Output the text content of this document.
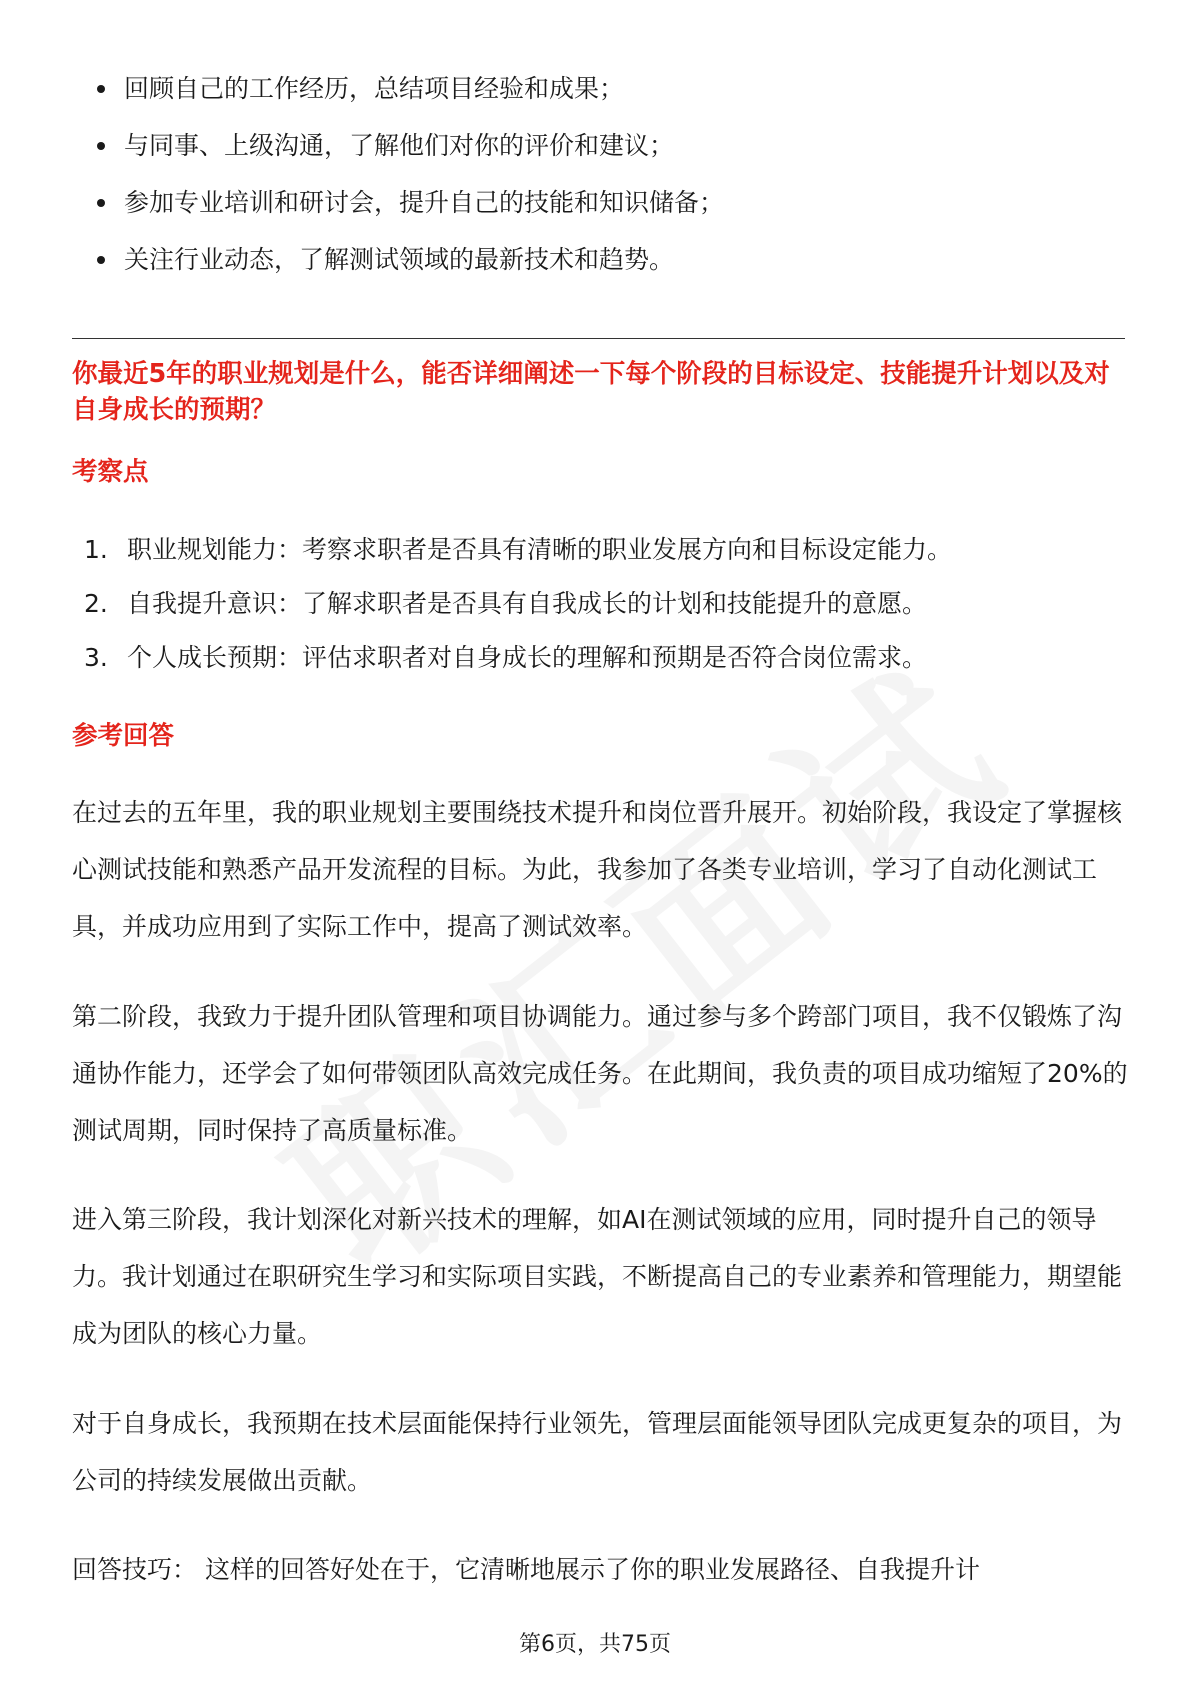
回顾自己的工作经历，总结项目经验和成果；
与同事、上级沟通，了解他们对你的评价和建议；
参加专业培训和研讨会，提升自己的技能和知识储备；
关注行业动态，了解测试领域的最新技术和趋势。

你最近5年的职业规划是什么，能否详细阐述一下每个阶段的目标设定、技能提升计划以及对自身成长的预期？

考察点

1. 职业规划能力：考察求职者是否具有清晰的职业发展方向和目标设定能力。
2. 自我提升意识：了解求职者是否具有自我成长的计划和技能提升的意愿。
3. 个人成长预期：评估求职者对自身成长的理解和预期是否符合岗位需求。

参考回答

在过去的五年里，我的职业规划主要围绕技术提升和岗位晋升展开。初始阶段，我设定了掌握核心测试技能和熟悉产品开发流程的目标。为此，我参加了各类专业培训，学习了自动化测试工具，并成功应用到了实际工作中，提高了测试效率。

第二阶段，我致力于提升团队管理和项目协调能力。通过参与多个跨部门项目，我不仅锻炼了沟通协作能力，还学会了如何带领团队高效完成任务。在此期间，我负责的项目成功缩短了20%的测试周期，同时保持了高质量标准。

进入第三阶段，我计划深化对新兴技术的理解，如AI在测试领域的应用，同时提升自己的领导力。我计划通过在职研究生学习和实际项目实践，不断提高自己的专业素养和管理能力，期望能成为团队的核心力量。

对于自身成长，我预期在技术层面能保持行业领先，管理层面能领导团队完成更复杂的项目，为公司的持续发展做出贡献。

回答技巧： 这样的回答好处在于，它清晰地展示了你的职业发展路径、自我提升计

第6页，共75页
